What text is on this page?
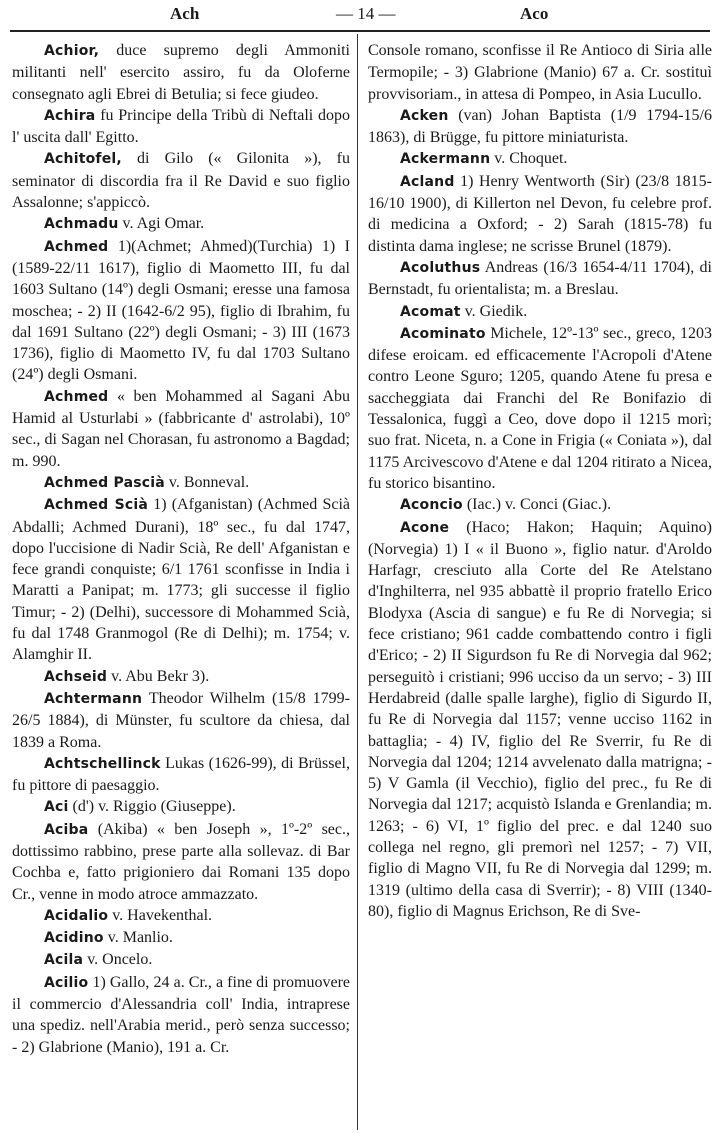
Ach	— 14 —	Aco

Achior, duce supremo degli Ammoniti militanti nell' esercito assiro, fu da Oloferne consegnato agli Ebrei di Betulia; si fece giudeo.

Achira fu Principe della Tribù di Neftali dopo l' uscita dall' Egitto.

Achitofel, di Gilo (« Gilonita »), fu seminator di discordia fra il Re David e suo figlio Assalonne; s'appiccò.

Achmadu v. Agi Omar.

Achmed 1)(Achmet; Ahmed)(Turchia) 1) I (1589-22/11 1617), figlio di Maometto III, fu dal 1603 Sultano (14º) degli Osmani; eresse una famosa moschea; - 2) II (1642-6/2 95), figlio di Ibrahim, fu dal 1691 Sultano (22º) degli Osmani; - 3) III (1673 1736), figlio di Maometto IV, fu dal 1703 Sultano (24º) degli Osmani.

Achmed « ben Mohammed al Sagani Abu Hamid al Usturlabi » (fabbricante d' astrolabi), 10º sec., di Sagan nel Chorasan, fu astronomo a Bagdad; m. 990.

Achmed Pascià v. Bonneval.

Achmed Scià 1) (Afganistan) (Achmed Scià Abdalli; Achmed Durani), 18º sec., fu dal 1747, dopo l'uccisione di Nadir Scià, Re dell' Afganistan e fece grandi conquiste; 6/1 1761 sconfisse in India i Maratti a Panipat; m. 1773; gli successe il figlio Timur; - 2) (Delhi), successore di Mohammed Scià, fu dal 1748 Granmogol (Re di Delhi); m. 1754; v. Alamghir II.

Achseid v. Abu Bekr 3).

Achtermann Theodor Wilhelm (15/8 1799-26/5 1884), di Münster, fu scultore da chiesa, dal 1839 a Roma.

Achtschellinck Lukas (1626-99), di Brüssel, fu pittore di paesaggio.

Aci (d') v. Riggio (Giuseppe).

Aciba (Akiba) « ben Joseph », 1º-2º sec., dottissimo rabbino, prese parte alla sollevaz. di Bar Cochba e, fatto prigioniero dai Romani 135 dopo Cr., venne in modo atroce ammazzato.

Acidalio v. Havekenthal.

Acidino v. Manlio.

Acila v. Oncelo.

Acilio 1) Gallo, 24 a. Cr., a fine di promuovere il commercio d'Alessandria coll' India, intraprese una spediz. nell'Arabia merid., però senza successo; - 2) Glabrione (Manio), 191 a. Cr.

Console romano, sconfisse il Re Antioco di Siria alle Termopile; - 3) Glabrione (Manio) 67 a. Cr. sostituì provvisoriam., in attesa di Pompeo, in Asia Lucullo.

Acken (van) Johan Baptista (1/9 1794-15/6 1863), di Brügge, fu pittore miniaturista.

Ackermann v. Choquet.

Acland 1) Henry Wentworth (Sir) (23/8 1815-16/10 1900), di Killerton nel Devon, fu celebre prof. di medicina a Oxford; - 2) Sarah (1815-78) fu distinta dama inglese; ne scrisse Brunel (1879).

Acoluthus Andreas (16/3 1654-4/11 1704), di Bernstadt, fu orientalista; m. a Breslau.

Acomat v. Giedik.

Acominato Michele, 12º-13º sec., greco, 1203 difese eroicam. ed efficacemente l'Acropoli d'Atene contro Leone Sguro; 1205, quando Atene fu presa e saccheggiata dai Franchi del Re Bonifazio di Tessalonica, fuggì a Ceo, dove dopo il 1215 morì; suo frat. Niceta, n. a Cone in Frigia (« Coniata »), dal 1175 Arcivescovo d'Atene e dal 1204 ritirato a Nicea, fu storico bisantino.

Aconcio (Iac.) v. Conci (Giac.).

Acone (Haco; Hakon; Haquin; Aquino) (Norvegia) 1) I « il Buono », figlio natur. d'Aroldo Harfagr, cresciuto alla Corte del Re Atelstano d'Inghilterra, nel 935 abbattè il proprio fratello Erico Blodyxa (Ascia di sangue) e fu Re di Norvegia; si fece cristiano; 961 cadde combattendo contro i figli d'Erico; - 2) II Sigurdson fu Re di Norvegia dal 962; perseguitò i cristiani; 996 ucciso da un servo; - 3) III Herdabreid (dalle spalle larghe), figlio di Sigurdo II, fu Re di Norvegia dal 1157; venne ucciso 1162 in battaglia; - 4) IV, figlio del Re Sverrir, fu Re di Norvegia dal 1204; 1214 avvelenato dalla matrigna; - 5) V Gamla (il Vecchio), figlio del prec., fu Re di Norvegia dal 1217; acquistò Islanda e Grenlandia; m. 1263; - 6) VI, 1º figlio del prec. e dal 1240 suo collega nel regno, gli premorì nel 1257; - 7) VII, figlio di Magno VII, fu Re di Norvegia dal 1299; m. 1319 (ultimo della casa di Sverrir); - 8) VIII (1340-80), figlio di Magnus Erichson, Re di Sve-
